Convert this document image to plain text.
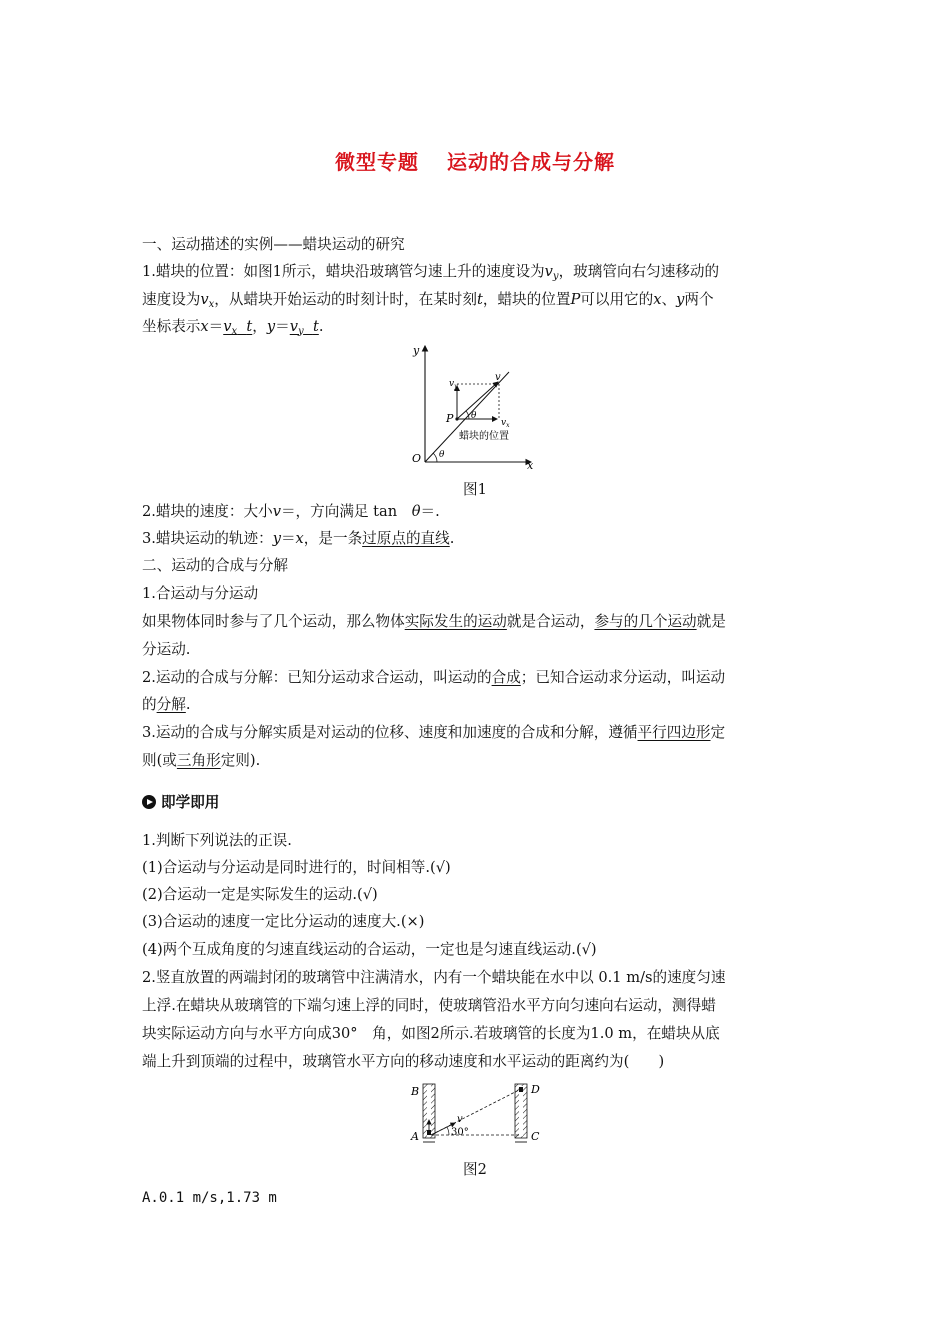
微型专题 运动的合成与分解
一、运动描述的实例——蜡块运动的研究
1.蜡块的位置：如图1所示，蜡块沿玻璃管匀速上升的速度设为$v_y$，玻璃管向右匀速移动的
速度设为$v_x$，从蜡块开始运动的时刻计时，在某时刻t，蜡块的位置P可以用它的x、y两个
坐标表示$x=v_x$ t，$y=v_y$ t.
y
x
O
P
v
$v_y$
$v_x$
θ
θ
蜡块的位置
图1
2.蜡块的速度：大小v＝，方向满足 tan　θ＝.
3.蜡块运动的轨迹：y＝x，是一条过原点的直线.
二、运动的合成与分解
1.合运动与分运动
如果物体同时参与了几个运动，那么物体实际发生的运动就是合运动，参与的几个运动就是
分运动.
2.运动的合成与分解：已知分运动求合运动，叫运动的合成；已知合运动求分运动，叫运动
的分解.
3.运动的合成与分解实质是对运动的位移、速度和加速度的合成和分解，遵循平行四边形定
则(或三角形定则).
即学即用
1.判断下列说法的正误.
(1)合运动与分运动是同时进行的，时间相等.(√)
(2)合运动一定是实际发生的运动.(√)
(3)合运动的速度一定比分运动的速度大.(×)
(4)两个互成角度的匀速直线运动的合运动，一定也是匀速直线运动.(√)
2.竖直放置的两端封闭的玻璃管中注满清水，内有一个蜡块能在水中以 0.1 m/s的速度匀速
上浮.在蜡块从玻璃管的下端匀速上浮的同时，使玻璃管沿水平方向匀速向右运动，测得蜡
块实际运动方向与水平方向成30°　角，如图2所示.若玻璃管的长度为1.0 m，在蜡块从底
端上升到顶端的过程中，玻璃管水平方向的移动速度和水平运动的距离约为(　　)
B
A	C
D
v
30°
图2
A.0.1 m/s,1.73 m
